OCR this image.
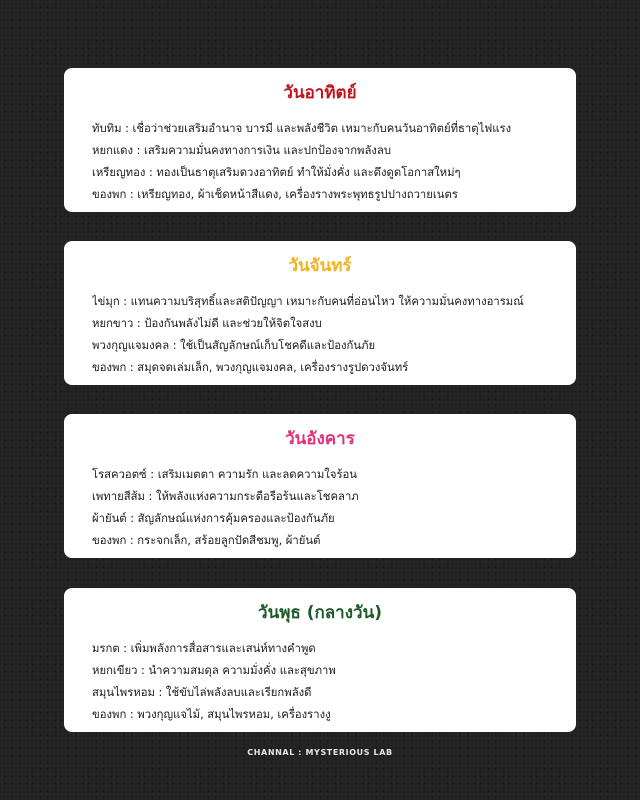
วันอาทิตย์
ทับทิม : เชื่อว่าช่วยเสริมอำนาจ บารมี และพลังชีวิต เหมาะกับคนวันอาทิตย์ที่ธาตุไฟแรง
หยกแดง : เสริมความมั่นคงทางการเงิน และปกป้องจากพลังลบ
เหรียญทอง : ทองเป็นธาตุเสริมดวงอาทิตย์ ทำให้มั่งคั่ง และดึงดูดโอกาสใหม่ๆ
ของพก : เหรียญทอง, ผ้าเช็ดหน้าสีแดง, เครื่องรางพระพุทธรูปปางถวายเนตร
วันจันทร์
ไข่มุก : แทนความบริสุทธิ์และสติปัญญา เหมาะกับคนที่อ่อนไหว ให้ความมั่นคงทางอารมณ์
หยกขาว : ป้องกันพลังไม่ดี และช่วยให้จิตใจสงบ
พวงกุญแจมงคล : ใช้เป็นสัญลักษณ์เก็บโชคดีและป้องกันภัย
ของพก : สมุดจดเล่มเล็ก, พวงกุญแจมงคล, เครื่องรางรูปดวงจันทร์
วันอังคาร
โรสควอตซ์ : เสริมเมตตา ความรัก และลดความใจร้อน
เพทายสีส้ม : ให้พลังแห่งความกระตือรือร้นและโชคลาภ
ผ้ายันต์ : สัญลักษณ์แห่งการคุ้มครองและป้องกันภัย
ของพก : กระจกเล็ก, สร้อยลูกปัดสีชมพู, ผ้ายันต์
วันพุธ (กลางวัน)
มรกต : เพิ่มพลังการสื่อสารและเสน่ห์ทางคำพูด
หยกเขียว : นำความสมดุล ความมั่งคั่ง และสุขภาพ
สมุนไพรหอม : ใช้ขับไล่พลังลบและเรียกพลังดี
ของพก : พวงกุญแจไม้, สมุนไพรหอม, เครื่องรางงู
CHANNAL : MYSTERIOUS LAB
